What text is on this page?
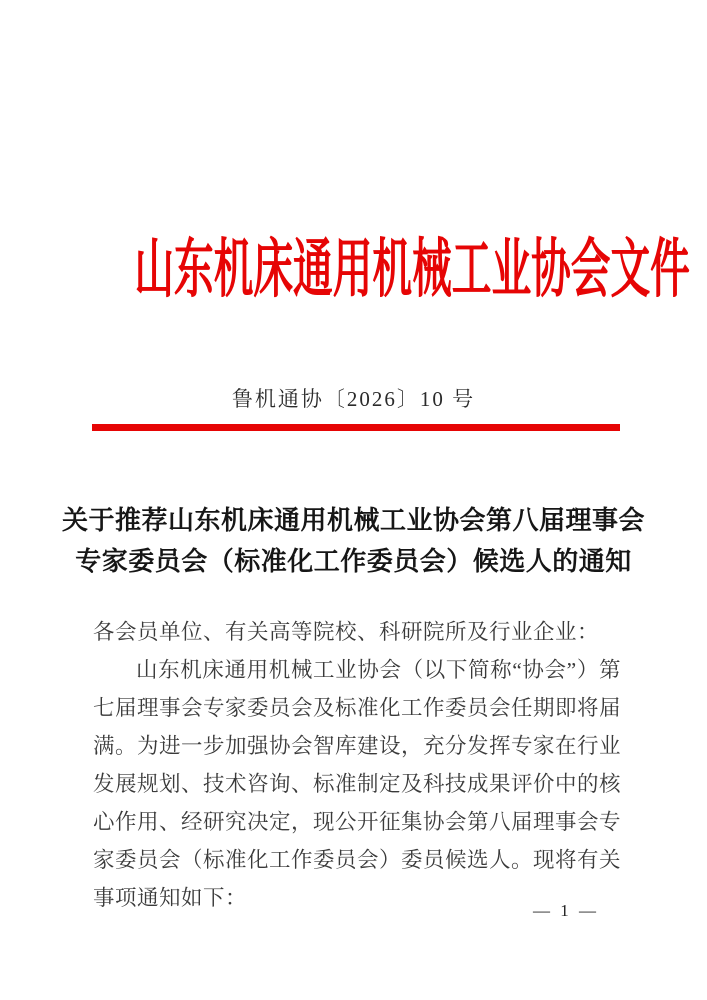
山东机床通用机械工业协会文件
鲁机通协〔2026〕10 号
关于推荐山东机床通用机械工业协会第八届理事会
专家委员会（标准化工作委员会）候选人的通知

各会员单位、有关高等院校、科研院所及行业企业：

山东机床通用机械工业协会（以下简称“协会”）第七届理事会专家委员会及标准化工作委员会任期即将届满。为进一步加强协会智库建设，充分发挥专家在行业发展规划、技术咨询、标准制定及科技成果评价中的核心作用、经研究决定，现公开征集协会第八届理事会专家委员会（标准化工作委员会）委员候选人。现将有关事项通知如下：

— 1 —
